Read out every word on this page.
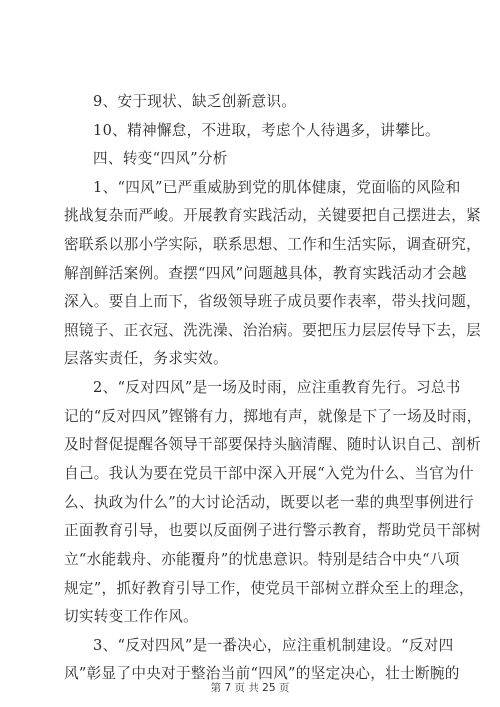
9、安于现状、缺乏创新意识。
10、精神懈怠，不进取，考虑个人待遇多，讲攀比。
四、转变“四风”分析
1、“四风”已严重威胁到党的肌体健康，党面临的风险和
挑战复杂而严峻。开展教育实践活动，关键要把自己摆进去，紧
密联系以那小学实际，联系思想、工作和生活实际，调查研究，
解剖鲜活案例。查摆“四风”问题越具体，教育实践活动才会越
深入。要自上而下，省级领导班子成员要作表率，带头找问题，
照镜子、正衣冠、洗洗澡、治治病。要把压力层层传导下去，层
层落实责任，务求实效。
2、“反对四风”是一场及时雨，应注重教育先行。习总书
记的“反对四风”铿锵有力，掷地有声，就像是下了一场及时雨，
及时督促提醒各领导干部要保持头脑清醒、随时认识自己、剖析
自己。我认为要在党员干部中深入开展“入党为什么、当官为什
么、执政为什么”的大讨论活动，既要以老一辈的典型事例进行
正面教育引导，也要以反面例子进行警示教育，帮助党员干部树
立“水能载舟、亦能覆舟”的忧患意识。特别是结合中央“八项
规定”，抓好教育引导工作，使党员干部树立群众至上的理念，
切实转变工作作风。
3、“反对四风”是一番决心，应注重机制建设。“反对四
风”彰显了中央对于整治当前“四风”的坚定决心，壮士断腕的
第 7 页 共 25 页
